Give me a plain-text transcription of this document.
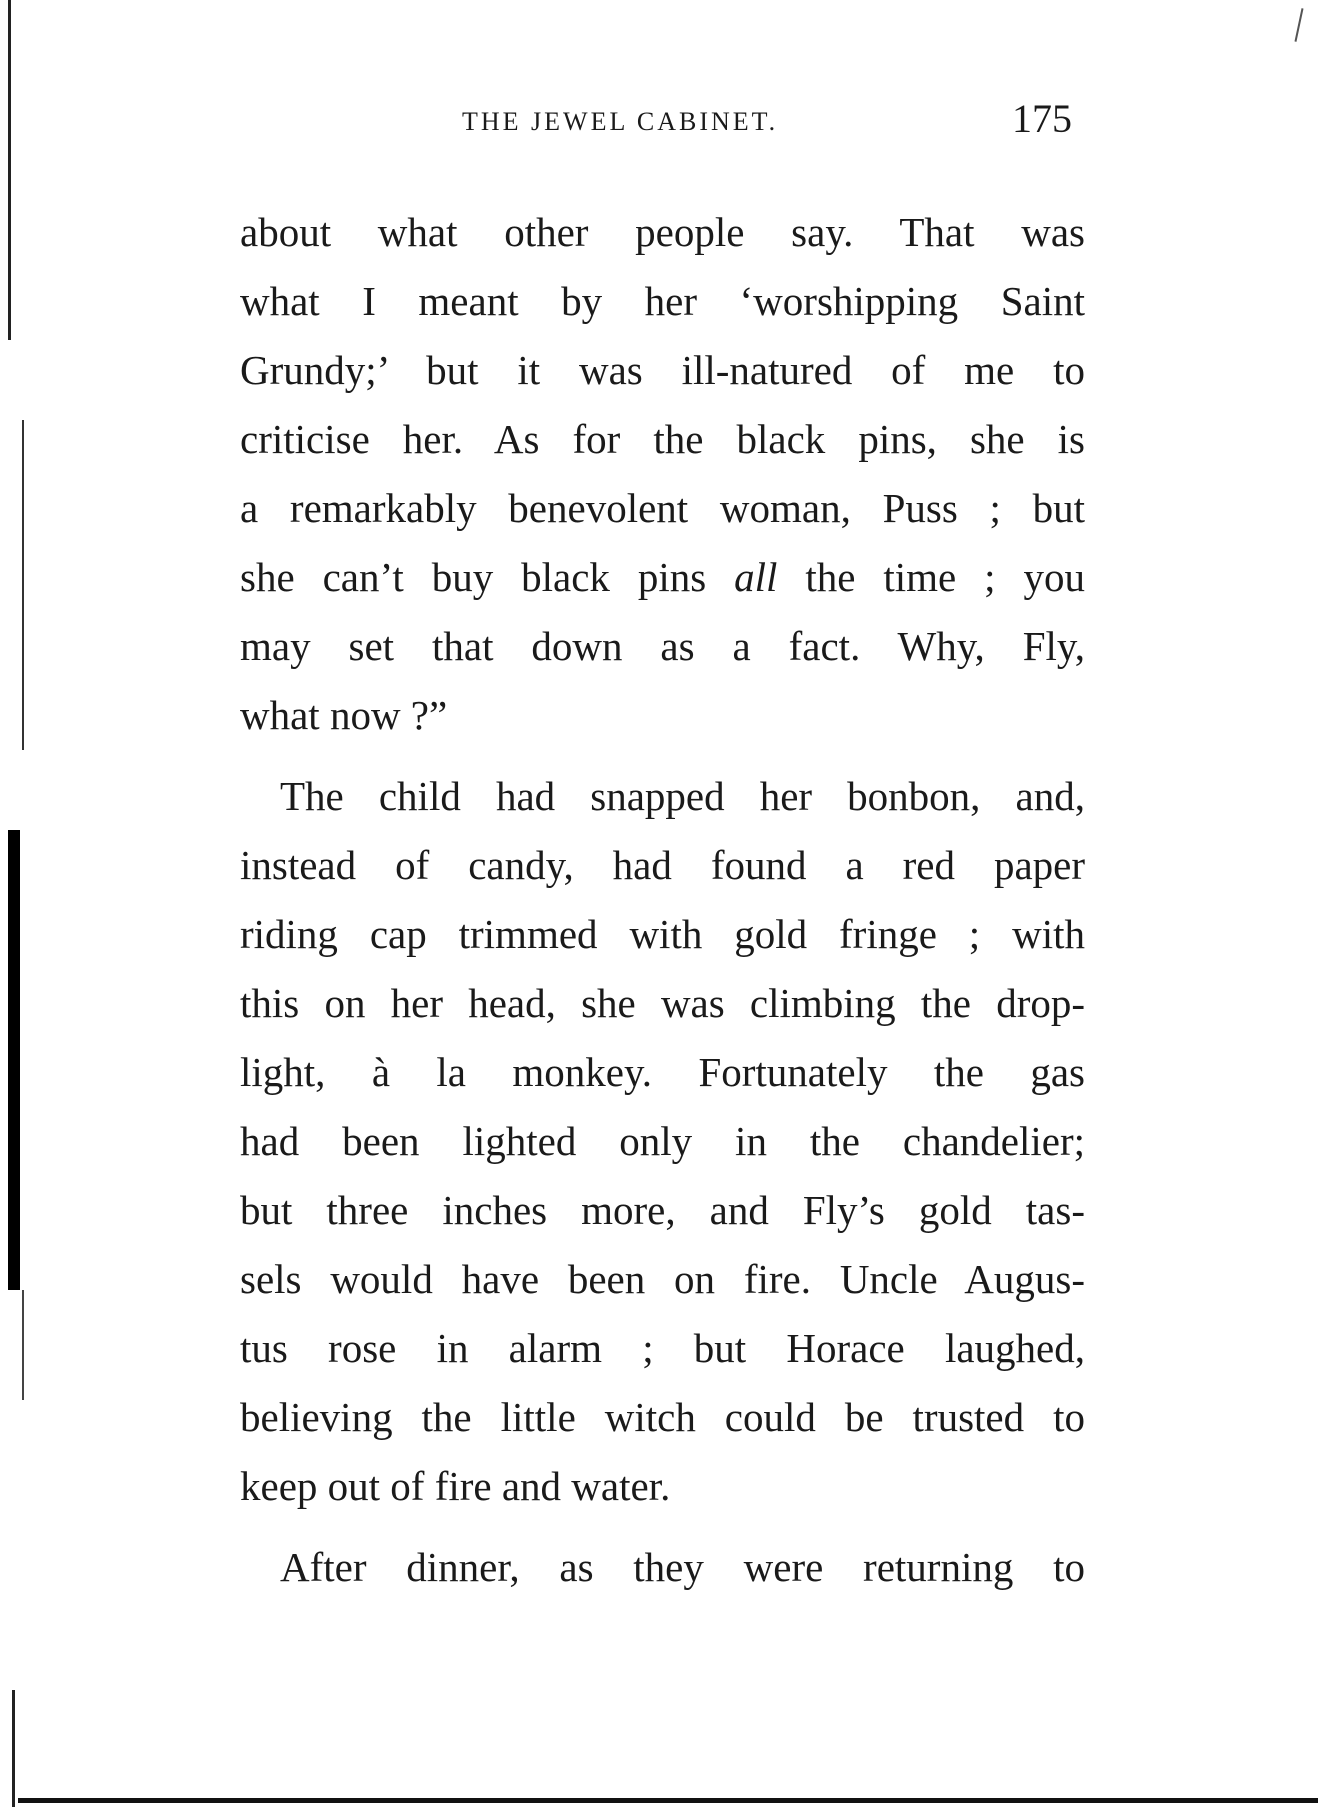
THE JEWEL CABINET.	175
about what other people say. That was
what I meant by her ‘worshipping Saint
Grundy;’ but it was ill-natured of me to
criticise her. As for the black pins, she is
a remarkably benevolent woman, Puss ; but
she can’t buy black pins all the time ; you
may set that down as a fact. Why, Fly,
what now ?”
The child had snapped her bonbon, and,
instead of candy, had found a red paper
riding cap trimmed with gold fringe ; with
this on her head, she was climbing the drop-
light, à la monkey. Fortunately the gas
had been lighted only in the chandelier;
but three inches more, and Fly’s gold tas-
sels would have been on fire. Uncle Augus-
tus rose in alarm ; but Horace laughed,
believing the little witch could be trusted to
keep out of fire and water.
After dinner, as they were returning to
